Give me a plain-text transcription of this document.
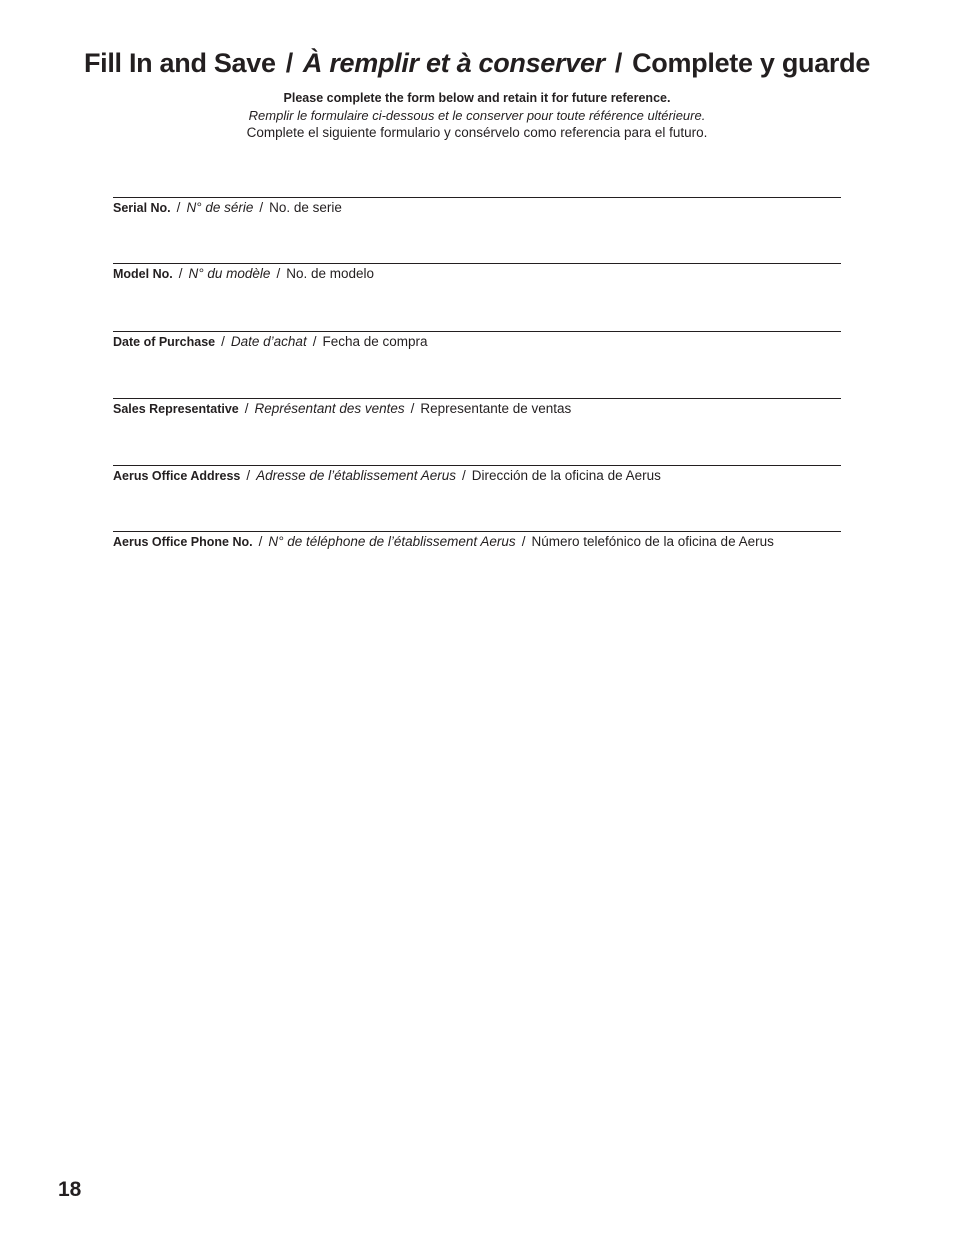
Fill In and Save / À remplir et à conserver / Complete y guarde
Please complete the form below and retain it for future reference.
Remplir le formulaire ci-dessous et le conserver pour toute référence ultérieure.
Complete el siguiente formulario y consérvelo como referencia para el futuro.
Serial No. / N° de série / No. de serie
Model No. / N° du modèle / No. de modelo
Date of Purchase / Date d’achat / Fecha de compra
Sales Representative / Représentant des ventes / Representante de ventas
Aerus Office Address / Adresse de l’établissement Aerus / Dirección de la oficina de Aerus
Aerus Office Phone No. / N° de téléphone de l’établissement Aerus / Número telefónico de la oficina de Aerus
18
